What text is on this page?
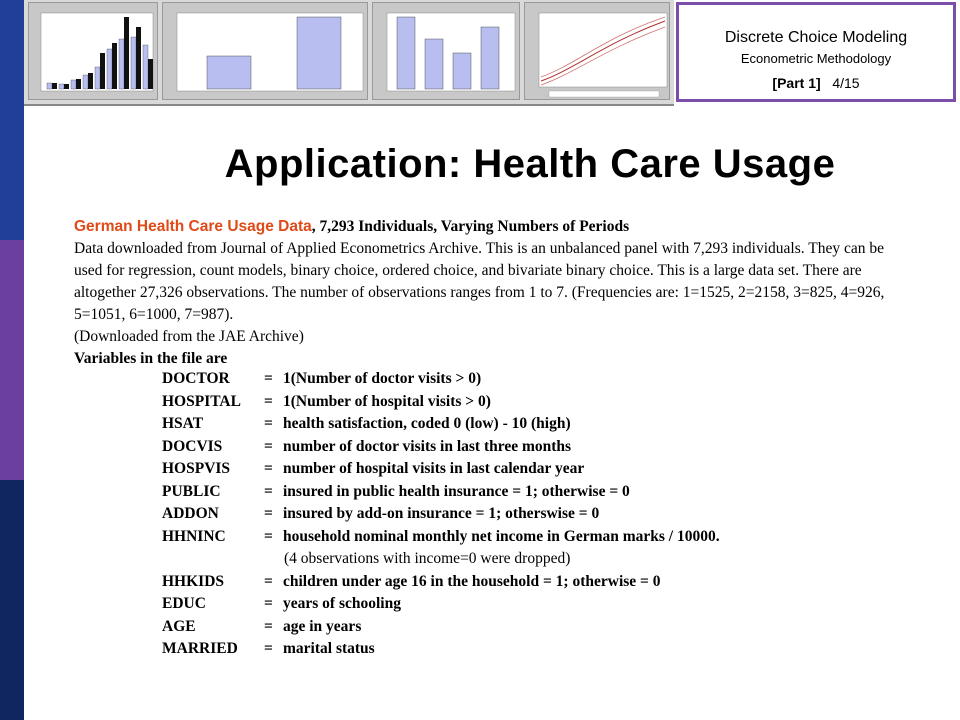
Discrete Choice Modeling
Econometric Methodology
[Part 1] 4/15
Application: Health Care Usage
German Health Care Usage Data, 7,293 Individuals, Varying Numbers of Periods

Data downloaded from Journal of Applied Econometrics Archive. This is an unbalanced panel with 7,293 individuals. They can be used for regression, count models, binary choice, ordered choice, and bivariate binary choice. This is a large data set. There are altogether 27,326 observations. The number of observations ranges from 1 to 7. (Frequencies are: 1=1525, 2=2158, 3=825, 4=926, 5=1051, 6=1000, 7=987).

(Downloaded from the JAE Archive)

Variables in the file are
DOCTOR = 1(Number of doctor visits > 0)
HOSPITAL = 1(Number of hospital visits > 0)
HSAT	= health satisfaction, coded 0 (low) - 10 (high)
DOCVIS	= number of doctor visits in last three months
HOSPVIS = number of hospital visits in last calendar year
PUBLIC	= insured in public health insurance = 1; otherwise = 0
ADDON	= insured by add-on insurance = 1; otherswise = 0
HHNINC = household nominal monthly net income in German marks / 10000.
(4 observations with income=0 were dropped)
HHKIDS	= children under age 16 in the household = 1; otherwise = 0
EDUC	= years of schooling
AGE	= age in years
MARRIED = marital status
